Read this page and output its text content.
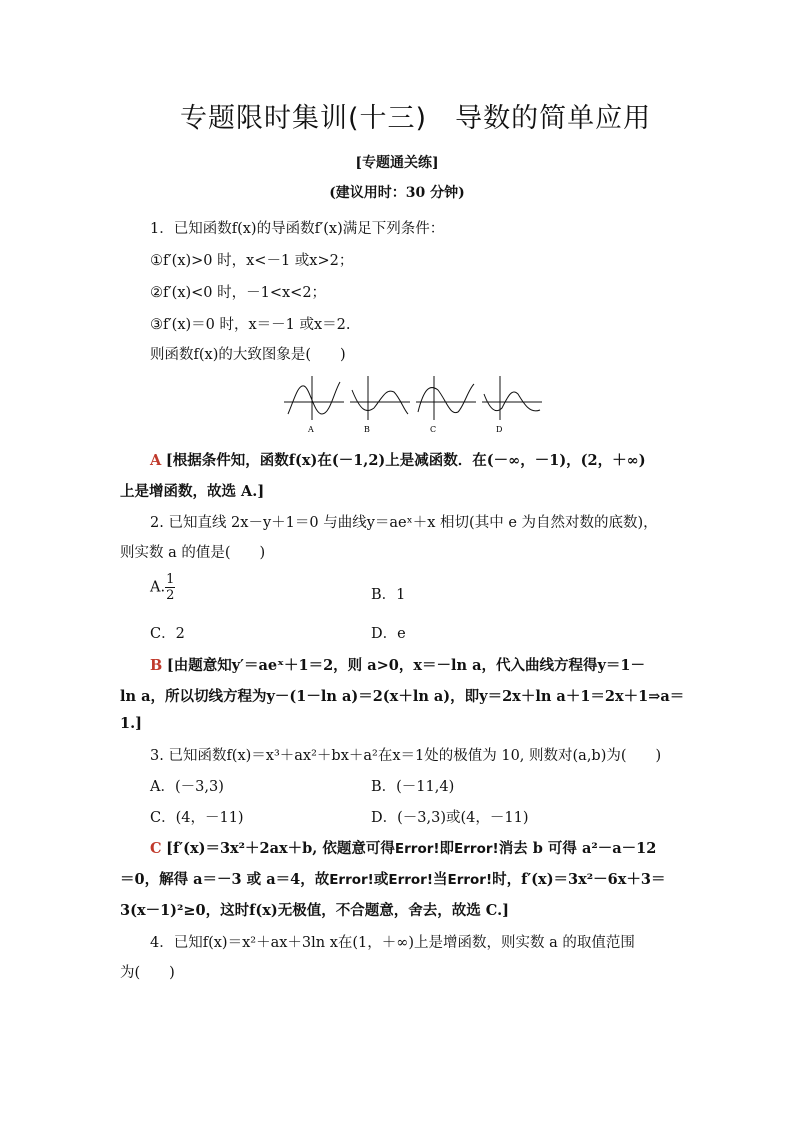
专题限时集训(十三)　导数的简单应用
[专题通关练]
(建议用时：30 分钟)
1．已知函数f(x)的导函数f′(x)满足下列条件：
①f′(x)>0 时，x<－1 或x>2；
②f′(x)<0 时，－1<x<2；
③f′(x)＝0 时，x＝－1 或x＝2.
则函数f(x)的大致图象是(　　)
A	B	C	D
A [根据条件知，函数f(x)在(－1,2)上是减函数．在(－∞，－1)，(2，＋∞)
上是增函数，故选 A.]
2. 已知直线 2x－y＋1＝0 与曲线y＝aeˣ＋x 相切(其中 e 为自然对数的底数)，
则实数 a 的值是(　　)
A. $\frac{1}{2}$	B．1
C．2	D．e
B [由题意知y′＝aeˣ＋1＝2，则 a>0，x＝－ln a，代入曲线方程得y＝1－
ln a，所以切线方程为y－(1－ln a)＝2(x＋ln a)，即y＝2x＋ln a＋1＝2x＋1⇒a＝
1.]
3. 已知函数f(x)＝x³＋ax²＋bx＋a²在x＝1处的极值为 10, 则数对(a,b)为(　　)
A．(－3,3)	B．(－11,4)
C．(4，－11)	D．(－3,3)或(4，－11)
C [f′(x)＝3x²＋2ax＋b, 依题意可得Error!即Error!消去 b 可得 a²－a－12
＝0，解得 a＝－3 或 a＝4，故Error!或Error!当Error!时，f′(x)＝3x²－6x＋3＝
3(x－1)²≥0，这时f(x)无极值，不合题意，舍去，故选 C.]
4．已知f(x)＝x²＋ax＋3ln x在(1，＋∞)上是增函数，则实数 a 的取值范围
为(　　)
